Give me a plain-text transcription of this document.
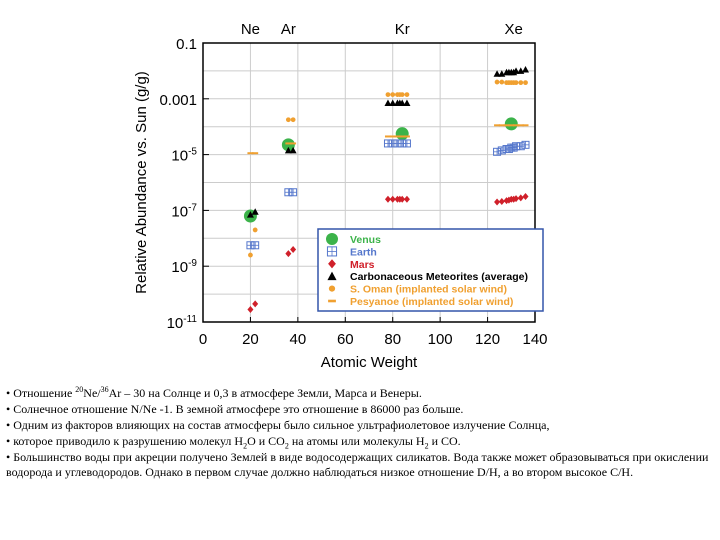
0 20 40 60 80 100 120 140
0.1
0.001
$10^{-5}$
$10^{-7}$
$10^{-9}$
$10^{-11}$
Ne Ar	Kr	Xe
Venus
Earth
Mars
Carbonaceous Meteorites (average)
S. Oman (implanted solar wind)
Pesyanoe (implanted solar wind)
Atomic Weight
Relative Abundance vs. Sun (g/g)

• Отношение $^{20}$Ne/$^{36}$Ar – 30 на Солнце и 0,3 в атмосфере Земли, Марса и Венеры.

• Солнечное отношение N/Ne -1. В земной атмосфере это отношение в 86000 раз больше.

• Одним из факторов влияющих на состав атмосферы было сильное ультрафиолетовое излучение Солнца,

• которое приводило к разрушению молекул $H_2O$ и $CO_2$ на атомы или молекулы $H_2$ и CO.

• Большинство воды при акреции получено Землей в виде водосодержащих силикатов. Вода также может образовываться при окислении водорода и углеводородов. Однако в первом случае должно наблюдаться низкое отношение D/H, а во втором высокое C/H.
